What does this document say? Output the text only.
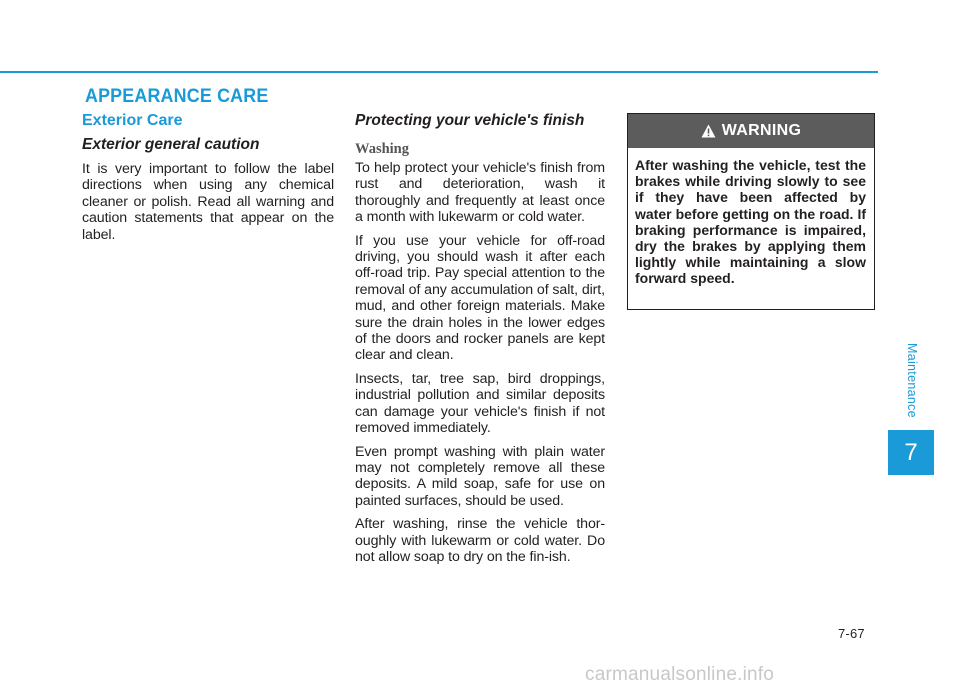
APPEARANCE CARE
Exterior Care
Exterior general caution

It is very important to follow the label directions when using any chemical cleaner or polish. Read all warning and caution statements that appear on the label.

Protecting your vehicle's finish
Washing

To help protect your vehicle's finish from rust and deterioration, wash it thoroughly and frequently at least once a month with lukewarm or cold water.

If you use your vehicle for off-road driving, you should wash it after each off-road trip. Pay special attention to the removal of any accumulation of salt, dirt, mud, and other foreign materials. Make sure the drain holes in the lower edges of the doors and rocker panels are kept clear and clean.

Insects, tar, tree sap, bird droppings, industrial pollution and similar deposits can damage your vehicle's finish if not removed immediately.

Even prompt washing with plain water may not completely remove all these deposits. A mild soap, safe for use on painted surfaces, should be used.

After washing, rinse the vehicle thor-oughly with lukewarm or cold water. Do not allow soap to dry on the fin-ish.

WARNING

After washing the vehicle, test the brakes while driving slowly to see if they have been affected by water before getting on the road. If braking performance is impaired, dry the brakes by applying them lightly while maintaining a slow forward speed.

Maintenance
7
7-67
carmanualsonline.info
